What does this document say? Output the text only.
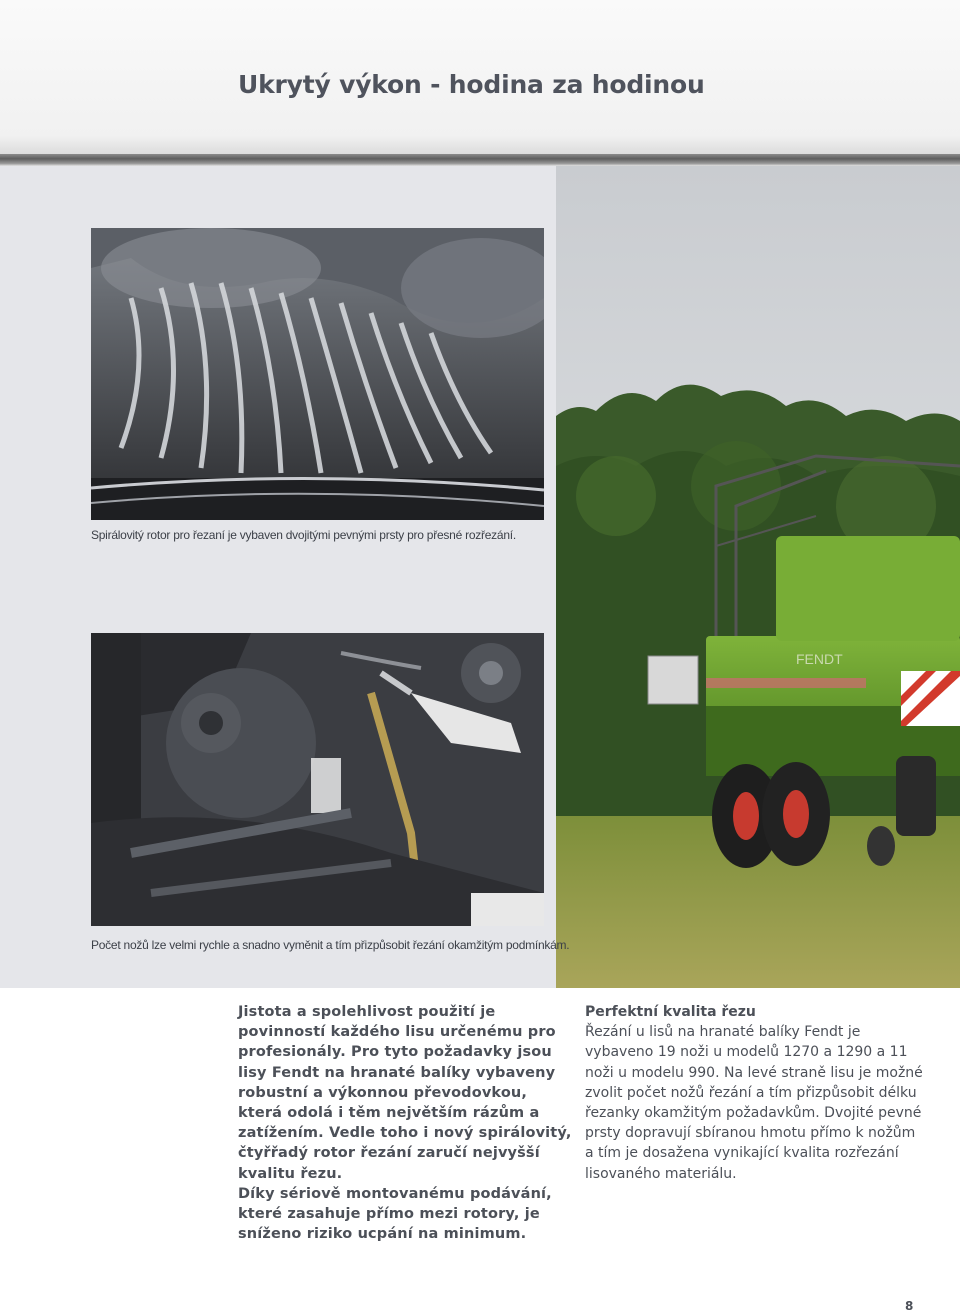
Ukrytý výkon - hodina za hodinou
FENDT
Spirálovitý rotor pro řezaní je vybaven dvojitými pevnými prsty pro přesné rozřezání.
Počet nožů lze velmi rychle a snadno vyměnit a tím přizpůsobit řezání okamžitým podmínkám.

Jistota a spolehlivost použití je povinností každého lisu určenému pro profesionály. Pro tyto požadavky jsou lisy Fendt na hranaté balíky vybaveny robustní a výkonnou převodovkou, která odolá i těm největším rázům a zatížením. Vedle toho i nový spirálovitý, čtyřřadý rotor řezání zaručí nejvyšší kvalitu řezu.

Díky sériově montovanému podávání, které zasahuje přímo mezi rotory, je sníženo riziko ucpání na minimum.

Perfektní kvalita řezu

Řezání u lisů na hranaté balíky Fendt je vybaveno 19 noži u modelů 1270 a 1290 a 11 noži u modelu 990. Na levé straně lisu je možné zvolit počet nožů řezání a tím přizpůsobit délku řezanky okamžitým požadavkům. Dvojité pevné prsty dopravují sbíranou hmotu přímo k nožům a tím je dosažena vynikající kvalita rozřezání lisovaného materiálu.

8
